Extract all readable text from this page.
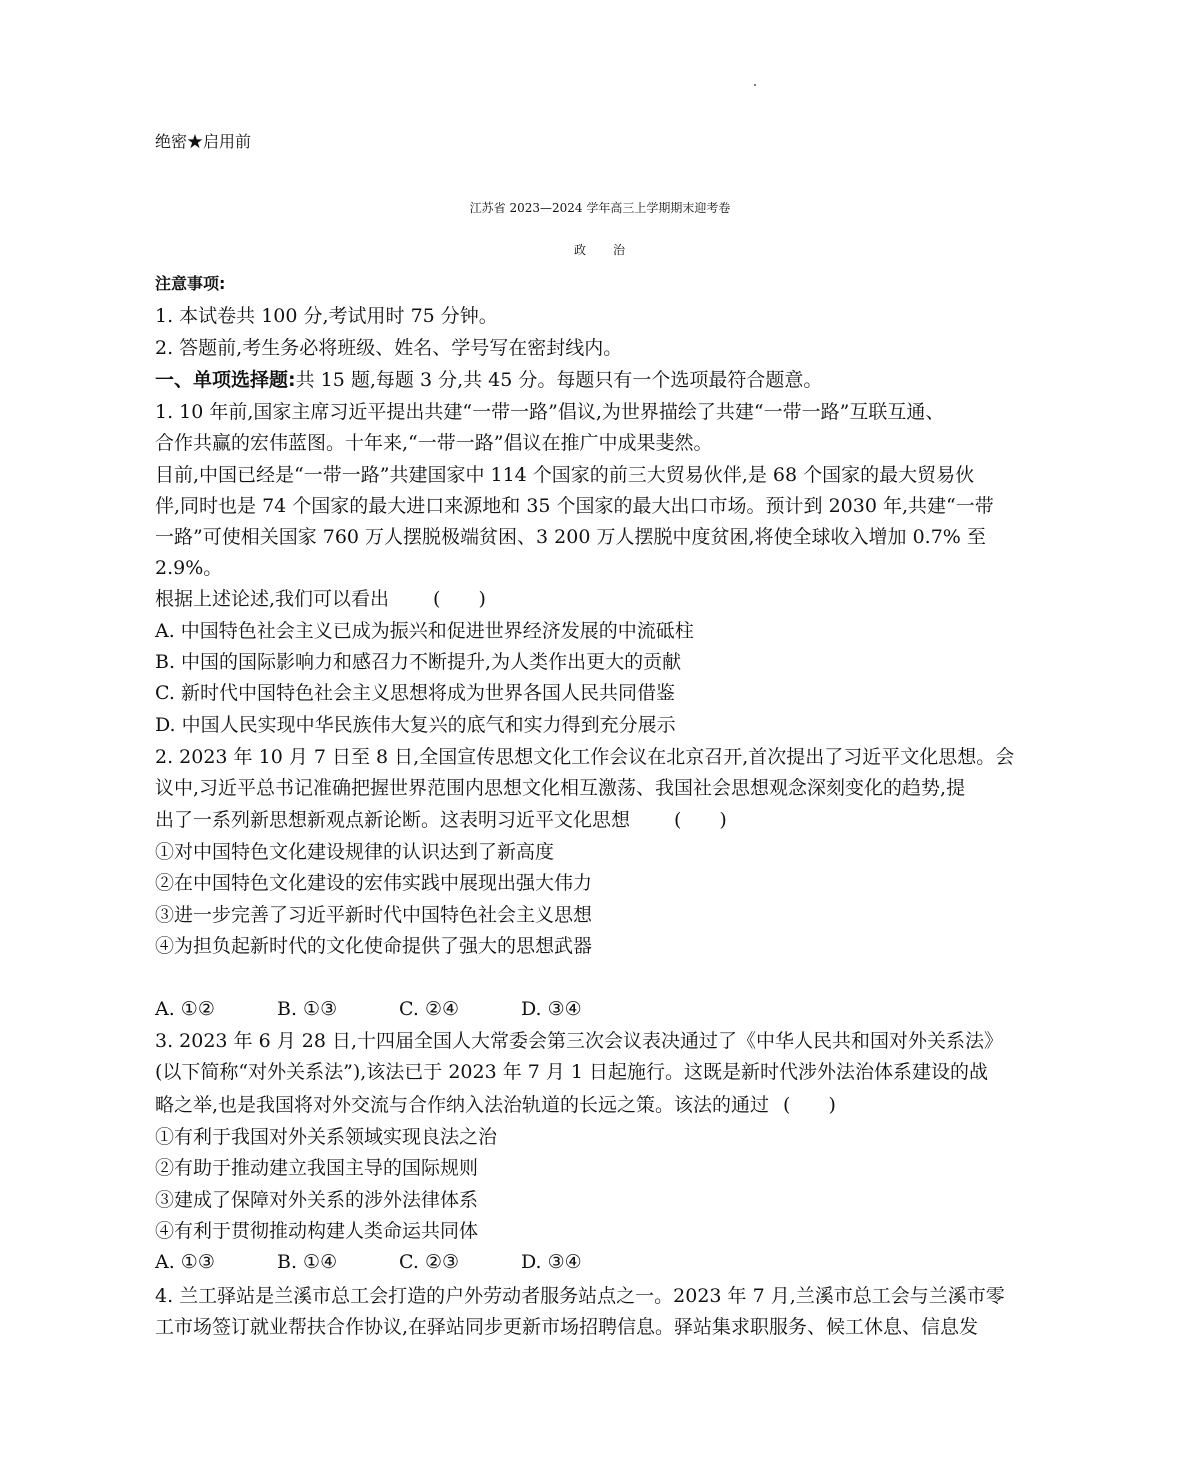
绝密★启用前
江苏省 2023—2024 学年高三上学期期末迎考卷
政　　治
注意事项:
1. 本试卷共 100 分,考试用时 75 分钟。
2. 答题前,考生务必将班级、姓名、学号写在密封线内。
一、单项选择题:共 15 题,每题 3 分,共 45 分。每题只有一个选项最符合题意。
1. 10 年前,国家主席习近平提出共建“一带一路”倡议,为世界描绘了共建“一带一路”互联互通、
合作共赢的宏伟蓝图。十年来,“一带一路”倡议在推广中成果斐然。
目前,中国已经是“一带一路”共建国家中 114 个国家的前三大贸易伙伴,是 68 个国家的最大贸易伙
伴,同时也是 74 个国家的最大进口来源地和 35 个国家的最大出口市场。预计到 2030 年,共建“一带
一路”可使相关国家 760 万人摆脱极端贫困、3 200 万人摆脱中度贫困,将使全球收入增加 0.7% 至
2.9%。
根据上述论述,我们可以看出 (　　)
A. 中国特色社会主义已成为振兴和促进世界经济发展的中流砥柱
B. 中国的国际影响力和感召力不断提升,为人类作出更大的贡献
C. 新时代中国特色社会主义思想将成为世界各国人民共同借鉴
D. 中国人民实现中华民族伟大复兴的底气和实力得到充分展示
2. 2023 年 10 月 7 日至 8 日,全国宣传思想文化工作会议在北京召开,首次提出了习近平文化思想。会
议中,习近平总书记准确把握世界范围内思想文化相互激荡、我国社会思想观念深刻变化的趋势,提
出了一系列新思想新观点新论断。这表明习近平文化思想 (　　)
①对中国特色文化建设规律的认识达到了新高度
②在中国特色文化建设的宏伟实践中展现出强大伟力
③进一步完善了习近平新时代中国特色社会主义思想
④为担负起新时代的文化使命提供了强大的思想武器
A. ①②	B. ①③	C. ②④	D. ③④
3. 2023 年 6 月 28 日,十四届全国人大常委会第三次会议表决通过了《中华人民共和国对外关系法》
(以下简称“对外关系法”),该法已于 2023 年 7 月 1 日起施行。这既是新时代涉外法治体系建设的战
略之举,也是我国将对外交流与合作纳入法治轨道的长远之策。该法的通过 (　　)
①有利于我国对外关系领域实现良法之治
②有助于推动建立我国主导的国际规则
③建成了保障对外关系的涉外法律体系
④有利于贯彻推动构建人类命运共同体
A. ①③	B. ①④	C. ②③	D. ③④
4. 兰工驿站是兰溪市总工会打造的户外劳动者服务站点之一。2023 年 7 月,兰溪市总工会与兰溪市零
工市场签订就业帮扶合作协议,在驿站同步更新市场招聘信息。驿站集求职服务、候工休息、信息发
